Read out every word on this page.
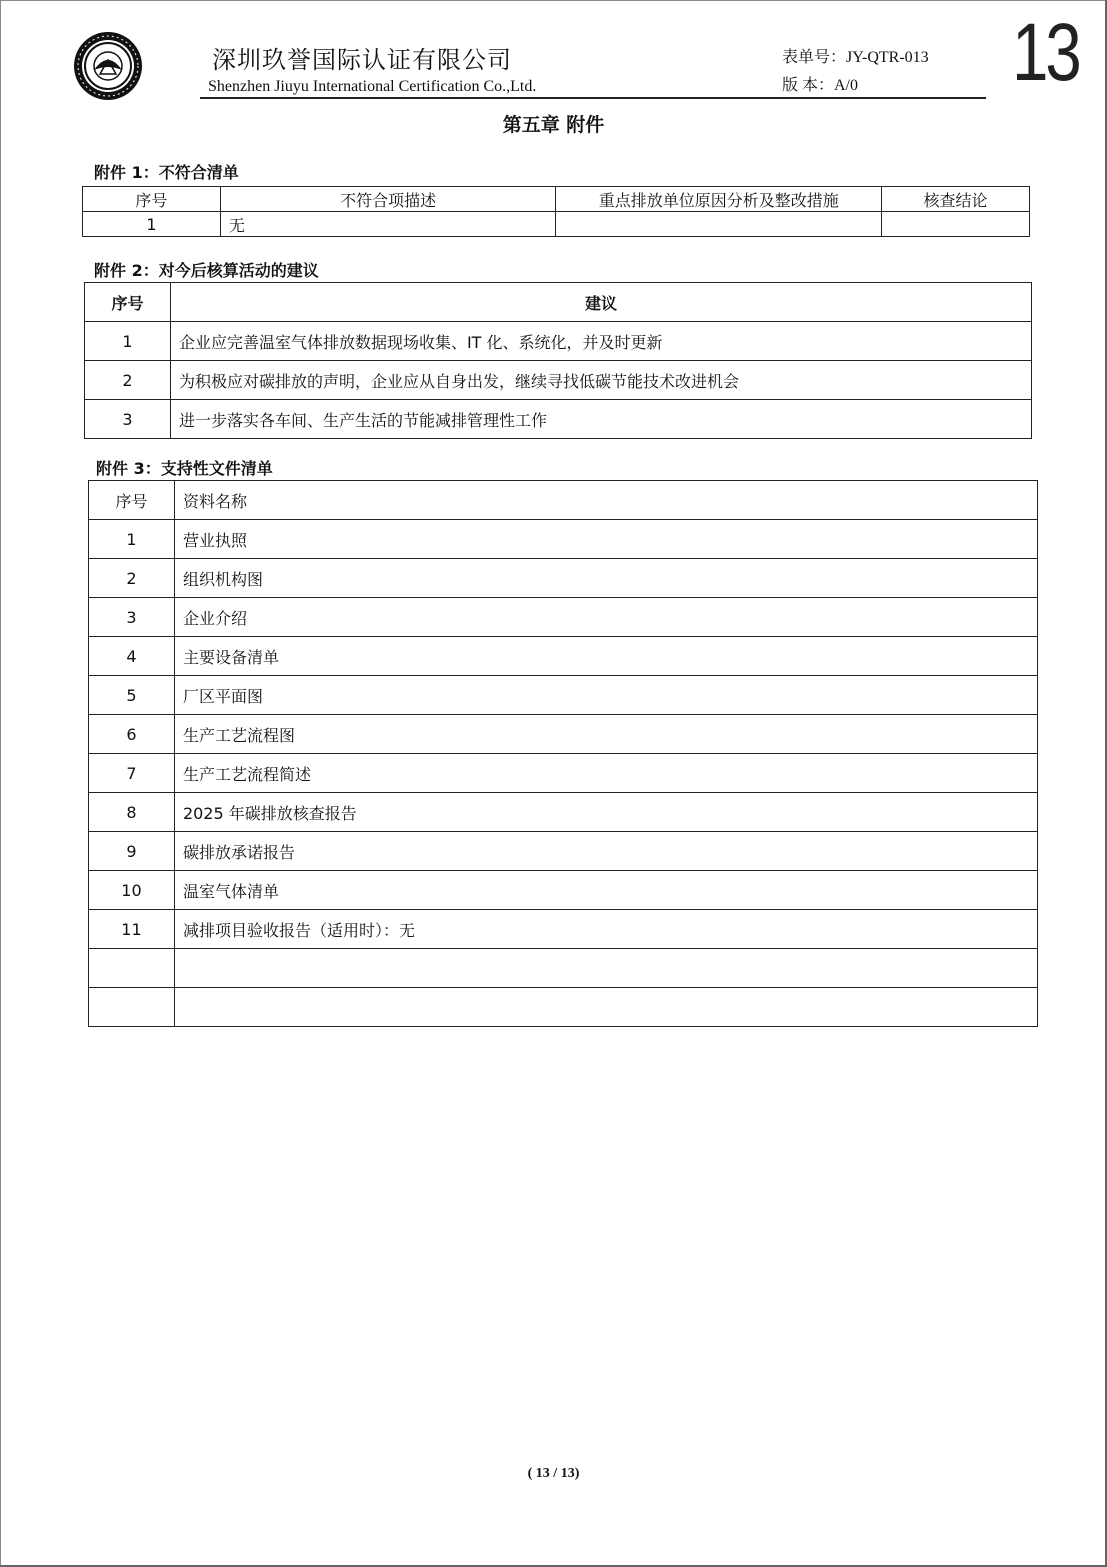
深圳玖誉国际认证有限公司
Shenzhen Jiuyu International Certification Co.,Ltd.
表单号：JY-QTR-013
版 本：A/0 13
第五章 附件
附件 1：不符合清单
序号	不符合项描述	重点排放单位原因分析及整改措施	核查结论
1	无		
附件 2：对今后核算活动的建议
序号	建议
1	企业应完善温室气体排放数据现场收集、IT 化、系统化，并及时更新
2	为积极应对碳排放的声明，企业应从自身出发，继续寻找低碳节能技术改进机会
3	进一步落实各车间、生产生活的节能减排管理性工作
附件 3：支持性文件清单
序号	资料名称
1	营业执照
2	组织机构图
3	企业介绍
4	主要设备清单
5	厂区平面图
6	生产工艺流程图
7	生产工艺流程简述
8	2025 年碳排放核查报告
9	碳排放承诺报告
10	温室气体清单
11	减排项目验收报告（适用时）：无

( 13 / 13)
